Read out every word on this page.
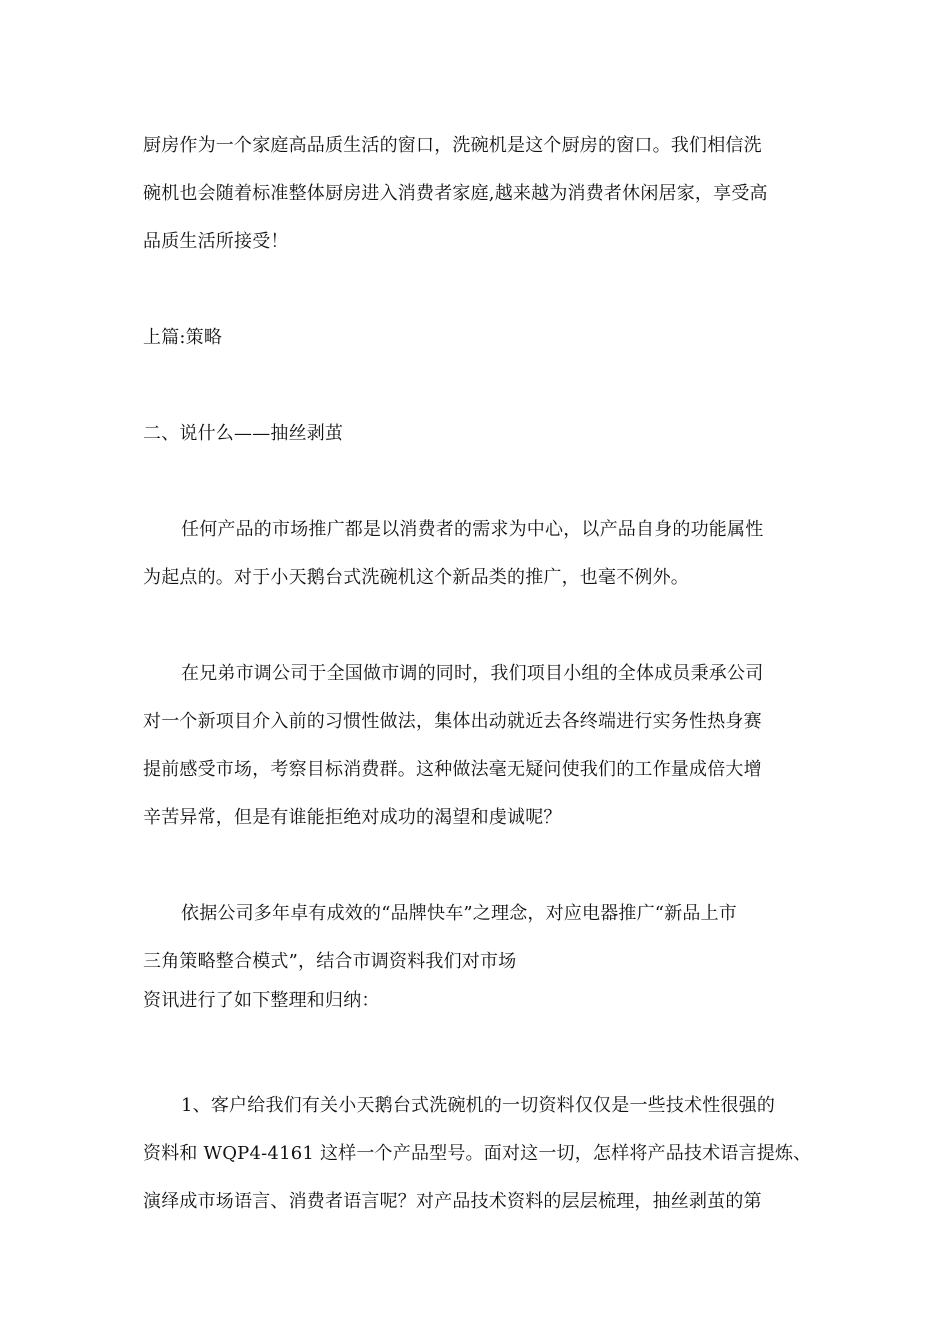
厨房作为一个家庭高品质生活的窗口，洗碗机是这个厨房的窗口。我们相信洗
碗机也会随着标准整体厨房进入消费者家庭,越来越为消费者休闲居家，享受高
品质生活所接受！
上篇:策略
二、说什么——抽丝剥茧
任何产品的市场推广都是以消费者的需求为中心，以产品自身的功能属性
为起点的。对于小天鹅台式洗碗机这个新品类的推广，也毫不例外。
在兄弟市调公司于全国做市调的同时，我们项目小组的全体成员秉承公司
对一个新项目介入前的习惯性做法，集体出动就近去各终端进行实务性热身赛
提前感受市场，考察目标消费群。这种做法毫无疑问使我们的工作量成倍大增
辛苦异常，但是有谁能拒绝对成功的渴望和虔诚呢？
依据公司多年卓有成效的“品牌快车”之理念，对应电器推广“新品上市
三角策略整合模式”，结合市调资料我们对市场
资讯进行了如下整理和归纳：
1、客户给我们有关小天鹅台式洗碗机的一切资料仅仅是一些技术性很强的
资料和 WQP4-4161 这样一个产品型号。面对这一切，怎样将产品技术语言提炼、
演绎成市场语言、消费者语言呢？对产品技术资料的层层梳理，抽丝剥茧的第
